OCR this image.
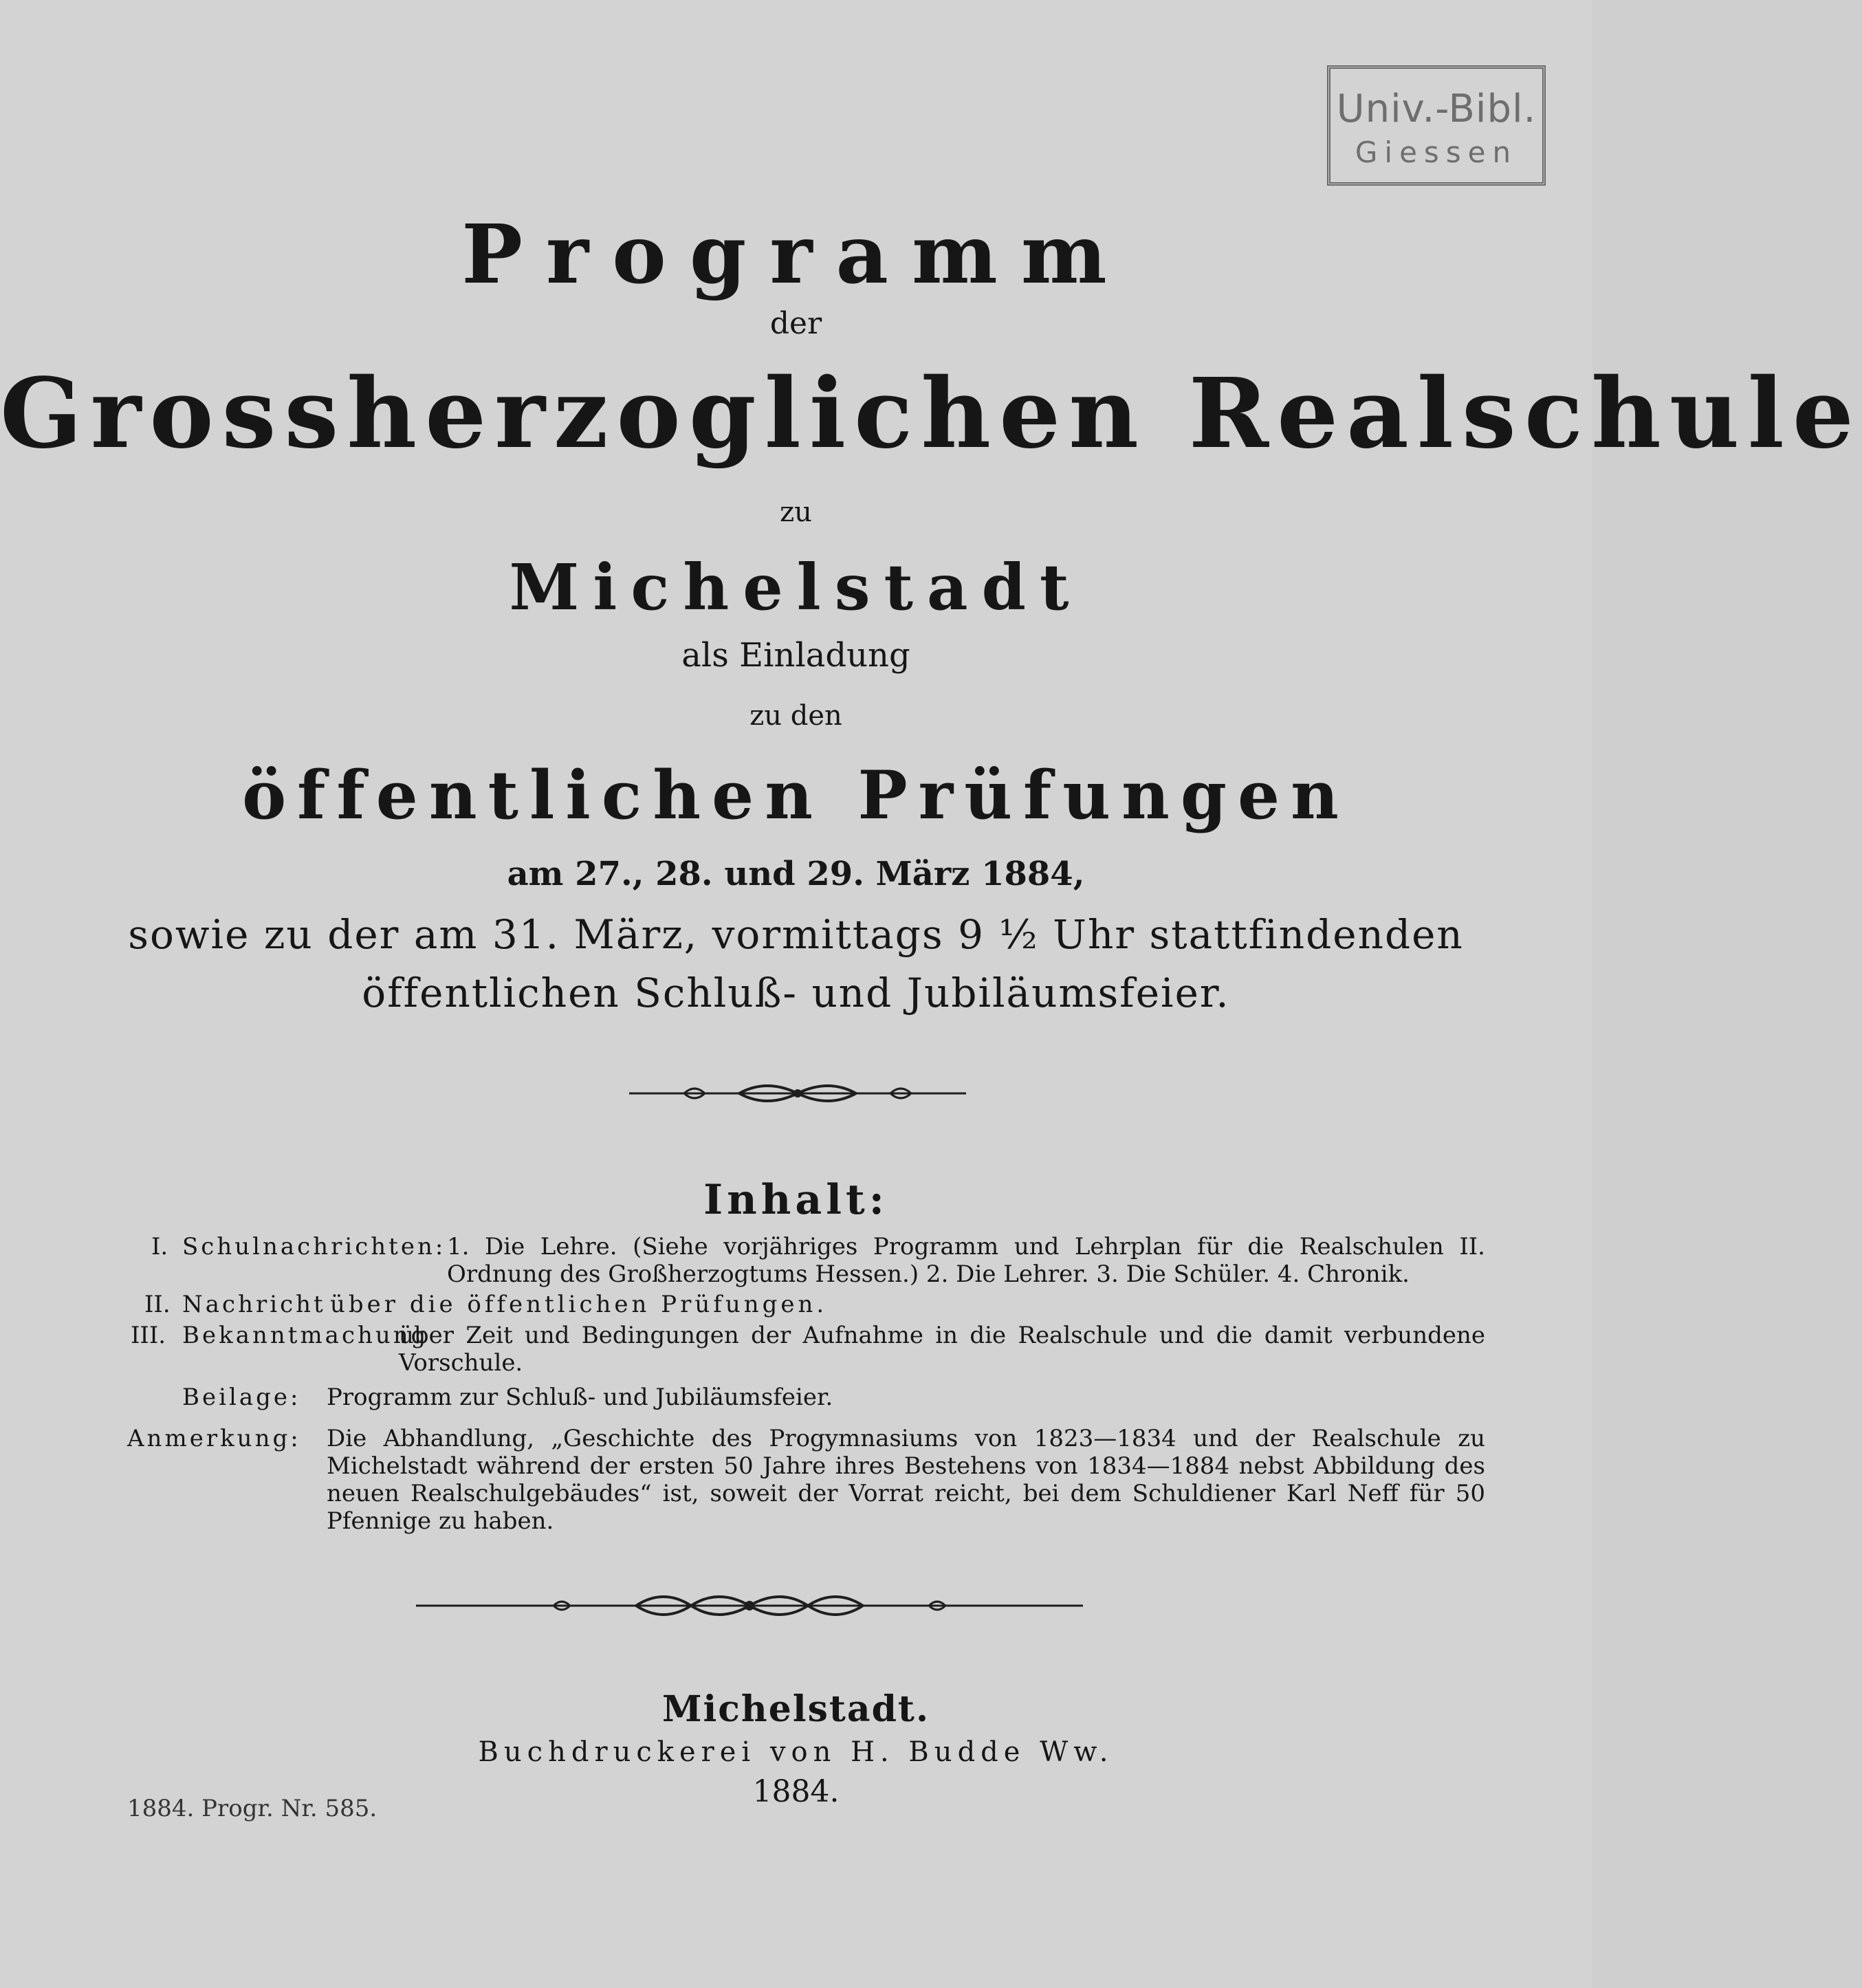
Univ.-Bibl.
Giessen
Programm
der
Grossherzoglichen Realschule
zu
Michelstadt
als Einladung
zu den
öffentlichen Prüfungen
am 27., 28. und 29. März 1884,
sowie zu der am 31. März, vormittags 9 ½ Uhr stattfindenden
öffentlichen Schluß- und Jubiläumsfeier.
Inhalt:
I. Schulnachrichten: 1. Die Lehre. (Siehe vorjähriges Programm und Lehrplan für die Realschulen II. Ordnung des Großherzogtums Hessen.) 2. Die Lehrer. 3. Die Schüler. 4. Chronik.
II. Nachricht über die öffentlichen Prüfungen.
III. Bekanntmachung
über Zeit und Bedingungen der Aufnahme in die Realschule und die damit verbundene Vorschule.
Beilage: Programm zur Schluß- und Jubiläumsfeier.
Anmerkung: Die Abhandlung, „Geschichte des Progymnasiums von 1823—1834 und der Realschule zu Michelstadt während der ersten 50 Jahre ihres Bestehens von 1834—1884 nebst Abbildung des neuen Realschulgebäudes“ ist, soweit der Vorrat reicht, bei dem Schuldiener Karl Neff für 50 Pfennige zu haben.
Michelstadt.
Buchdruckerei von H. Budde Ww.
1884.
1884. Progr. Nr. 585.
